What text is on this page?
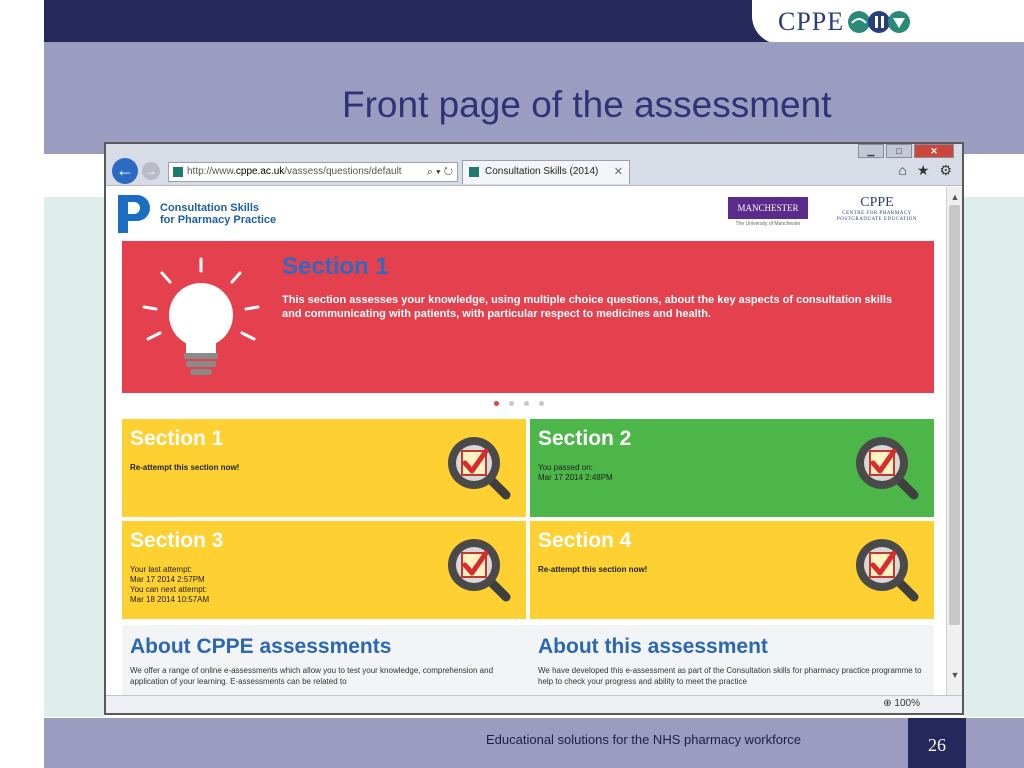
CPPE
Front page of the assessment
▁	□	✕
← →	http://www.cppe.ac.uk/vassess/questions/default ⌕ ▾ ↻	Consultation Skills (2014) ✕	⌂ ★ ⚙
Consultation Skills
for Pharmacy Practice
MANCHESTER
The University of Manchester
CPPE
CENTRE FOR PHARMACY
POSTGRADUATE EDUCATION
Section 1
This section assesses your knowledge, using multiple choice questions, about the key aspects of consultation skills and communicating with patients, with particular respect to medicines and health.
Section 1
Re-attempt this section now!
Section 2
You passed on:
Mar 17 2014 2:48PM
Section 3
Your last attempt:
Mar 17 2014 2:57PM
You can next attempt:
Mar 18 2014 10:57AM
Section 4
Re-attempt this section now!
About CPPE assessments
We offer a range of online e-assessments which allow you to test your knowledge, comprehension and application of your learning. E-assessments can be related to
About this assessment
We have developed this e-assessment as part of the Consultation skills for pharmacy practice programme to help to check your progress and ability to meet the practice
▲
▼
⊕ 100%
Educational solutions for the NHS pharmacy workforce	26
